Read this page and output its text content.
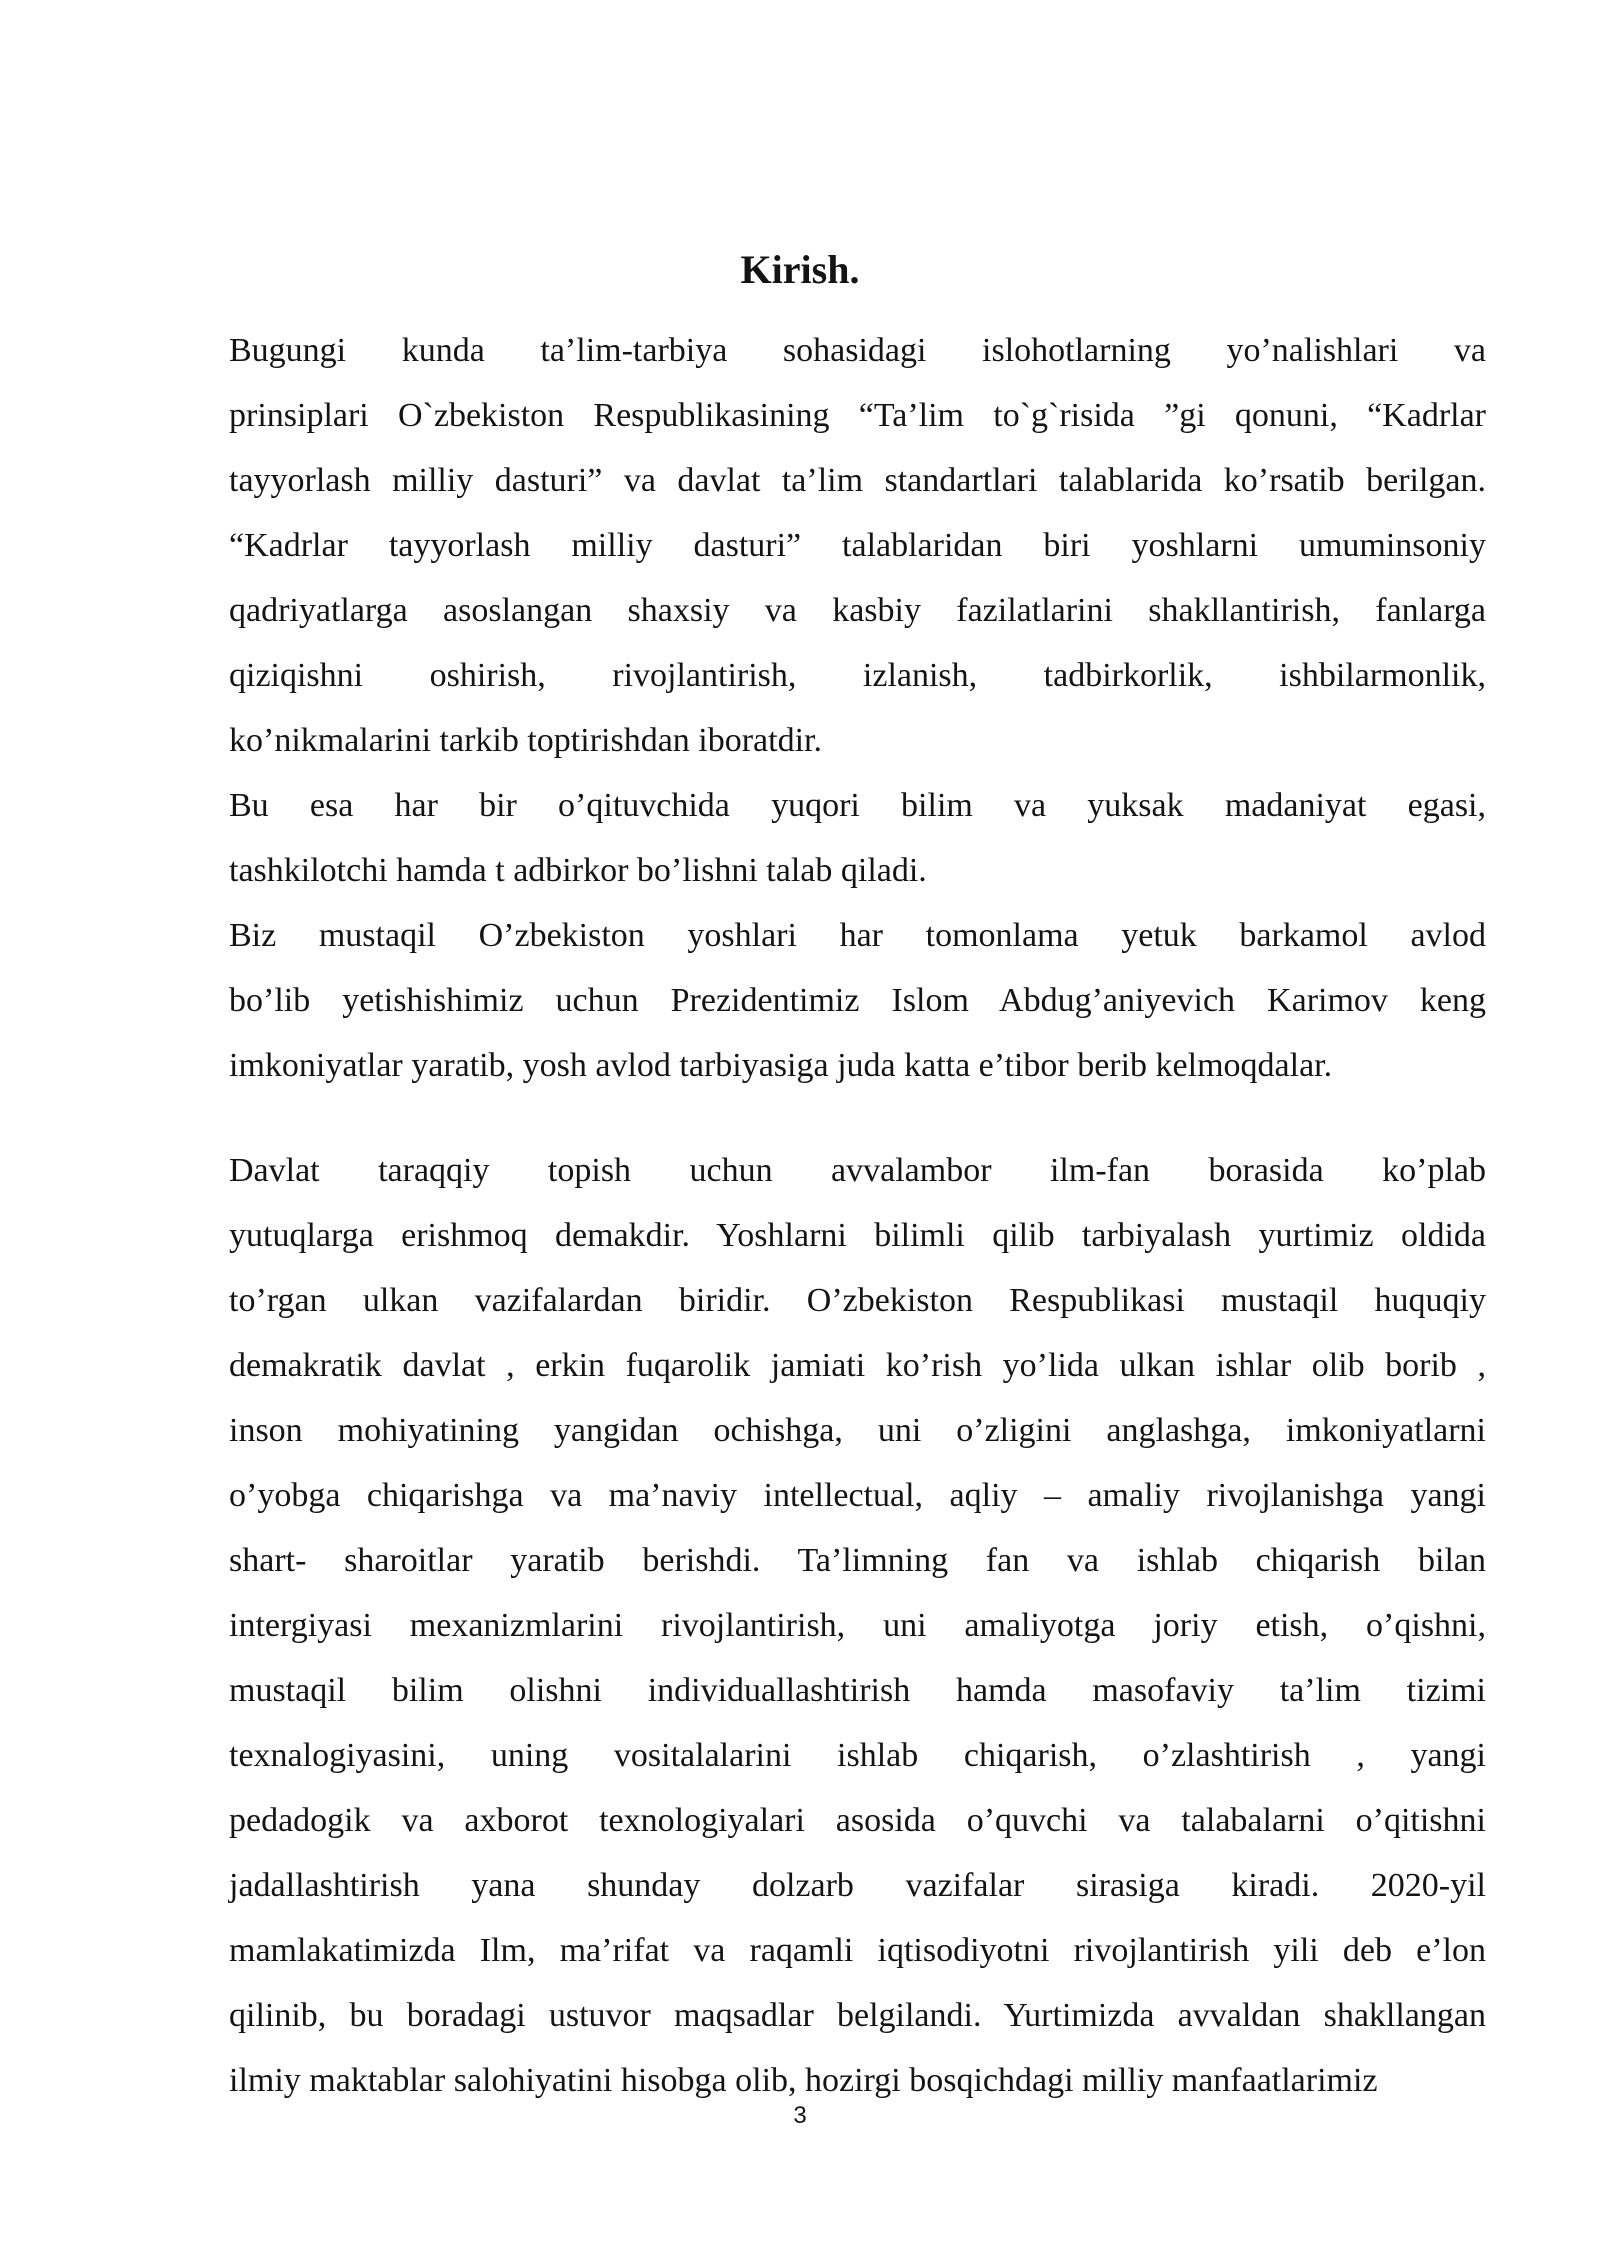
Kirish.
Bugungi kunda ta’lim-tarbiya sohasidagi islohotlarning yo’nalishlari va
prinsiplari O`zbekiston Respublikasining “Ta’lim to`g`risida ”gi qonuni, “Kadrlar
tayyorlash milliy dasturi” va davlat ta’lim standartlari talablarida ko’rsatib berilgan.
“Kadrlar tayyorlash milliy dasturi” talablaridan biri yoshlarni umuminsoniy
qadriyatlarga asoslangan shaxsiy va kasbiy fazilatlarini shakllantirish, fanlarga
qiziqishni oshirish, rivojlantirish, izlanish, tadbirkorlik, ishbilarmonlik,
ko’nikmalarini tarkib toptirishdan iboratdir.
Bu esa har bir o’qituvchida yuqori bilim va yuksak madaniyat egasi,
tashkilotchi hamda t adbirkor bo’lishni talab qiladi.
Biz mustaqil O’zbekiston yoshlari har tomonlama yetuk barkamol avlod
bo’lib yetishishimiz uchun Prezidentimiz Islom Abdug’aniyevich Karimov keng
imkoniyatlar yaratib, yosh avlod tarbiyasiga juda katta e’tibor berib kelmoqdalar.
Davlat taraqqiy topish uchun avvalambor ilm-fan borasida ko’plab
yutuqlarga erishmoq demakdir. Yoshlarni bilimli qilib tarbiyalash yurtimiz oldida
to’rgan ulkan vazifalardan biridir. O’zbekiston Respublikasi mustaqil huquqiy
demakratik davlat , erkin fuqarolik jamiati ko’rish yo’lida ulkan ishlar olib borib ,
inson mohiyatining yangidan ochishga, uni o’zligini anglashga, imkoniyatlarni
o’yobga chiqarishga va ma’naviy intellectual, aqliy – amaliy rivojlanishga yangi
shart- sharoitlar yaratib berishdi. Ta’limning fan va ishlab chiqarish bilan
intergiyasi mexanizmlarini rivojlantirish, uni amaliyotga joriy etish, o’qishni,
mustaqil bilim olishni individuallashtirish hamda masofaviy ta’lim tizimi
texnalogiyasini, uning vositalalarini ishlab chiqarish, o’zlashtirish , yangi
pedadogik va axborot texnologiyalari asosida o’quvchi va talabalarni o’qitishni
jadallashtirish yana shunday dolzarb vazifalar sirasiga kiradi. 2020-yil
mamlakatimizda Ilm, ma’rifat va raqamli iqtisodiyotni rivojlantirish yili deb e’lon
qilinib, bu boradagi ustuvor maqsadlar belgilandi. Yurtimizda avvaldan shakllangan
ilmiy maktablar salohiyatini hisobga olib, hozirgi bosqichdagi milliy manfaatlarimiz
3
